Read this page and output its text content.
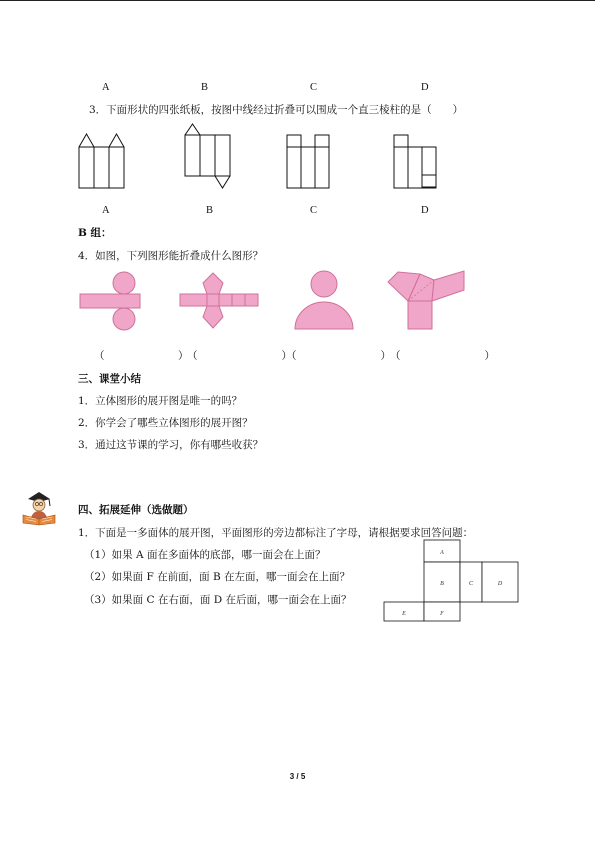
A	B	C	D
3．下面形状的四张纸板，按图中线经过折叠可以围成一个直三棱柱的是（　　）
A	B	C	D
B 组：
4．如图，下列图形能折叠成什么图形？
（　　　　　　　）
（　　　　　　　　）
（　　　　　　　　） （　　　　　　　　）
三、课堂小结
1．立体图形的展开图是唯一的吗？
2．你学会了哪些立体图形的展开图？
3．通过这节课的学习，你有哪些收获？
四、拓展延伸（选做题）
1．下面是一多面体的展开图，平面图形的旁边都标注了字母，请根据要求回答问题：
（1）如果 A 面在多面体的底部，哪一面会在上面？
（2）如果面 F 在前面，面 B 在左面，哪一面会在上面？
（3）如果面 C 在右面，面 D 在后面，哪一面会在上面？
A
B	C	D
E	F
3 / 5
